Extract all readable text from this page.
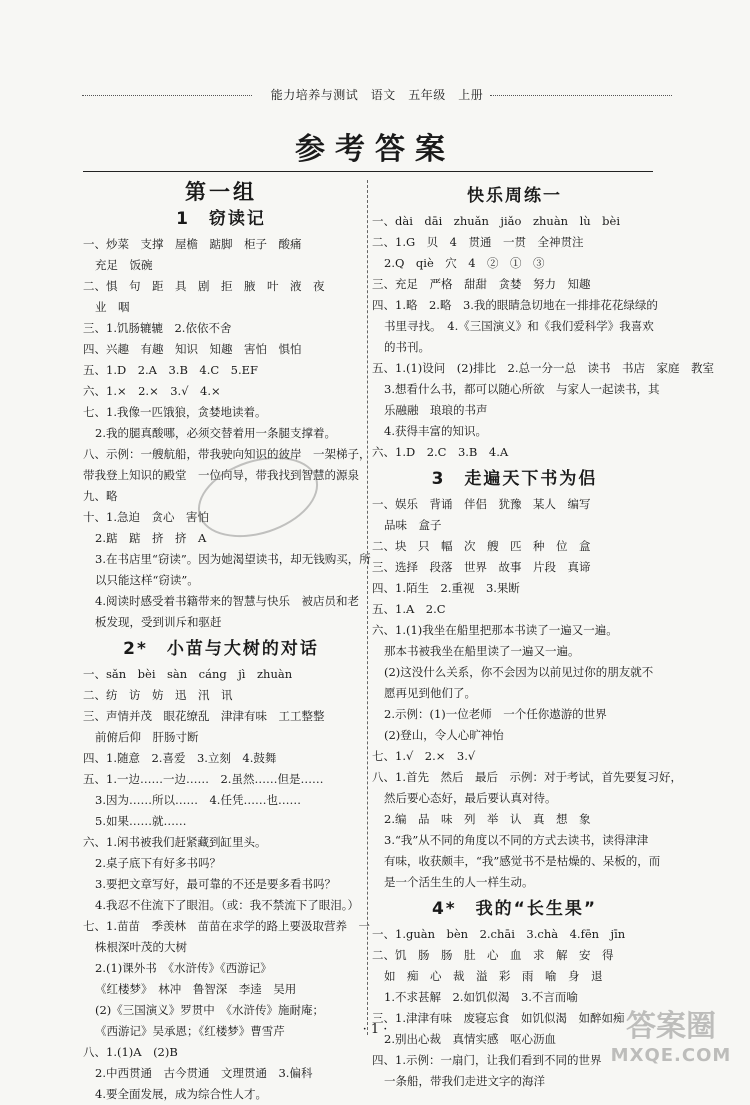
能力培养与测试　语文　五年级　上册
参考答案
第一组
1　窃读记
一、炒菜　支撑　屋檐　踮脚　柜子　酸痛
充足　饭碗
二、惧　句　距　具　剧　拒　腋　叶　液　夜
业　咽
三、1.饥肠辘辘　2.依依不舍
四、兴趣　有趣　知识　知趣　害怕　惧怕
五、1.D　2.A　3.B　4.C　5.EF
六、1.×　2.×　3.√　4.×
七、1.我像一匹饿狼，贪婪地读着。
2.我的腿真酸哪，必须交替着用一条腿支撑着。
八、示例：一艘航船，带我驶向知识的彼岸　一架梯子，
带我登上知识的殿堂　一位向导，带我找到智慧的源泉
九、略
十、1.急迫　贪心　害怕
2.踮　踮　挤　挤　A
3.在书店里“窃读”。因为她渴望读书，却无钱购买，所
以只能这样“窃读”。
4.阅读时感受着书籍带来的智慧与快乐　被店员和老
板发现，受到训斥和驱赶
2*　小苗与大树的对话
一、sǎn　bèi　sàn　cáng　jì　zhuàn
二、纺　访　妨　迅　汛　讯
三、声情并茂　眼花缭乱　津津有味　工工整整
前俯后仰　肝肠寸断
四、1.随意　2.喜爱　3.立刻　4.鼓舞
五、1.一边……一边……　2.虽然……但是……
3.因为……所以……　4.任凭……也……
5.如果……就……
六、1.闲书被我们赶紧藏到缸里头。
2.桌子底下有好多书吗？
3.要把文章写好，最可靠的不还是要多看书吗？
4.我忍不住流下了眼泪。（或：我不禁流下了眼泪。）
七、1.苗苗　季羡林　苗苗在求学的路上要汲取营养　一
株根深叶茂的大树
2.(1)课外书　《水浒传》《西游记》
《红楼梦》　林冲　鲁智深　李逵　吴用
(2)《三国演义》罗贯中　《水浒传》施耐庵；
《西游记》吴承恩；《红楼梦》曹雪芹
八、1.(1)A　(2)B
2.中西贯通　古今贯通　文理贯通　3.偏科
4.要全面发展，成为综合性人才。
快乐周练一
一、dài　dāi　zhuǎn　jiǎo　zhuàn　lù　bèi
二、1.G　贝　4　贯通　一贯　全神贯注
2.Q　qiè　穴　4　②　①　③
三、充足　严格　甜甜　贪婪　努力　知趣
四、1.略　2.略　3.我的眼睛急切地在一排排花花绿绿的
书里寻找。　4.《三国演义》和《我们爱科学》我喜欢
的书刊。
五、1.(1)设问　(2)排比　2.总一分一总　读书　书店　家庭　教室
3.想看什么书，都可以随心所欲　与家人一起读书，其
乐融融　琅琅的书声
4.获得丰富的知识。
六、1.D　2.C　3.B　4.A
3　走遍天下书为侣
一、娱乐　背诵　伴侣　犹豫　某人　编写
品味　盒子
二、块　只　幅　次　艘　匹　种　位　盒
三、选择　段落　世界　故事　片段　真谛
四、1.陌生　2.重视　3.果断
五、1.A　2.C
六、1.(1)我坐在船里把那本书读了一遍又一遍。
那本书被我坐在船里读了一遍又一遍。
(2)这没什么关系，你不会因为以前见过你的朋友就不
愿再见到他们了。
2.示例：(1)一位老师　一个任你遨游的世界
(2)登山，令人心旷神怡
七、1.√　2.×　3.√
八、1.首先　然后　最后　示例：对于考试，首先要复习好，
然后要心态好，最后要认真对待。
2.编　品　味　列　举　认　真　想　象
3.“我”从不同的角度以不同的方式去读书，读得津津
有味，收获颇丰，“我”感觉书不是枯燥的、呆板的，而
是一个活生生的人一样生动。
4*　我的“长生果”
一、1.guàn　bèn　2.chāi　3.chà　4.fēn　jīn
二、饥　肠　肠　肚　心　血　求　解　安　得
如　痴　心　裁　溢　彩　雨　喻　身　退
1.不求甚解　2.如饥似渴　3.不言而喻
三、1.津津有味　废寝忘食　如饥似渴　如醉如痴
2.别出心裁　真情实感　呕心沥血
四、1.示例：一扇门，让我们看到不同的世界
一条船，带我们走进文字的海洋
· 1 ·	答案圈
MXQE.COM
